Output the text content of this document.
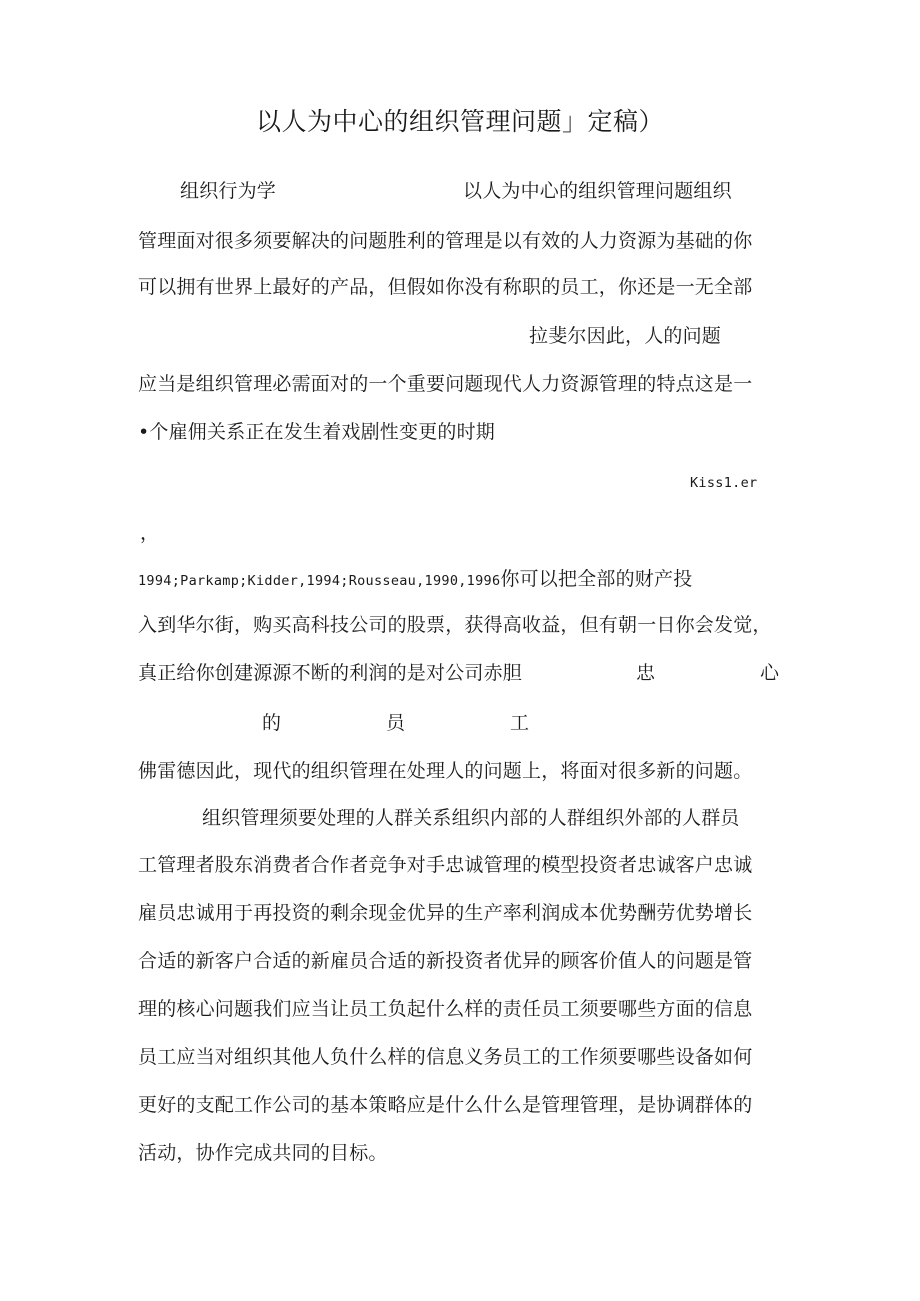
以人为中心的组织管理问题」定稿）
组织行为学	以人为中心的组织管理问题组织
管理面对很多须要解决的问题胜利的管理是以有效的人力资源为基础的你
可以拥有世界上最好的产品，但假如你没有称职的员工，你还是一无全部
拉斐尔因此，人的问题
应当是组织管理必需面对的一个重要问题现代人力资源管理的特点这是一
•个雇佣关系正在发生着戏剧性变更的时期
Kiss1.er
，
1994;Parkamp;Kidder,1994;Rousseau,1990,1996你可以把全部的财产投
入到华尔街，购买高科技公司的股票，获得高收益，但有朝一日你会发觉，
真正给你创建源源不断的利润的是对公司赤胆	忠	心
的	员	工
佛雷德因此，现代的组织管理在处理人的问题上，将面对很多新的问题。
组织管理须要处理的人群关系组织内部的人群组织外部的人群员
工管理者股东消费者合作者竞争对手忠诚管理的模型投资者忠诚客户忠诚
雇员忠诚用于再投资的剩余现金优异的生产率利润成本优势酬劳优势增长
合适的新客户合适的新雇员合适的新投资者优异的顾客价值人的问题是管
理的核心问题我们应当让员工负起什么样的责任员工须要哪些方面的信息
员工应当对组织其他人负什么样的信息义务员工的工作须要哪些设备如何
更好的支配工作公司的基本策略应是什么什么是管理管理，是协调群体的
活动，协作完成共同的目标。
